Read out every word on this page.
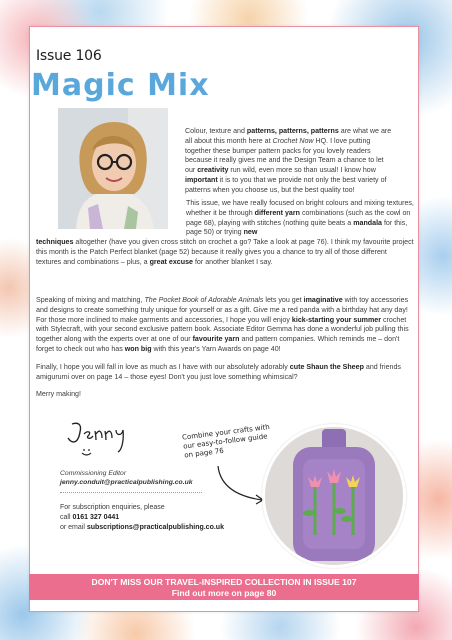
Issue 106
Magic Mix
Colour, texture and patterns, patterns, patterns are what we are all about this month here at Crochet Now HQ. I love putting together these bumper pattern packs for you lovely readers because it really gives me and the Design Team a chance to let our creativity run wild, even more so than usual! I know how important it is to you that we provide not only the best variety of patterns when you choose us, but the best quality too!
This issue, we have really focused on bright colours and mixing textures, whether it be through different yarn combinations (such as the cowl on page 68), playing with stitches (nothing quite beats a mandala for this, page 50) or trying new
techniques altogether (have you given cross stitch on crochet a go? Take a look at page 76). I think my favourite project this month is the Patch Perfect blanket (page 52) because it really gives you a chance to try all of those different textures and combinations – plus, a great excuse for another blanket I say.
Speaking of mixing and matching, The Pocket Book of Adorable Animals lets you get imaginative with toy accessories and designs to create something truly unique for yourself or as a gift. Give me a red panda with a birthday hat any day! For those more inclined to make garments and accessories, I hope you will enjoy kick-starting your summer crochet with Stylecraft, with your second exclusive pattern book. Associate Editor Gemma has done a wonderful job pulling this together along with the experts over at one of our favourite yarn and pattern companies. Which reminds me – don't forget to check out who has won big with this year's Yarn Awards on page 40!
Finally, I hope you will fall in love as much as I have with our absolutely adorably cute Shaun the Sheep and friends amigurumi over on page 14 – those eyes! Don't you just love something whimsical?
Merry making!
Commissioning Editor
jenny.conduit@practicalpublishing.co.uk
For subscription enquiries, please
call 0161 327 0441
or email subscriptions@practicalpublishing.co.uk
Combine your crafts with our easy-to-follow guide on page 76
DON'T MISS OUR TRAVEL-INSPIRED COLLECTION IN ISSUE 107
Find out more on page 80
